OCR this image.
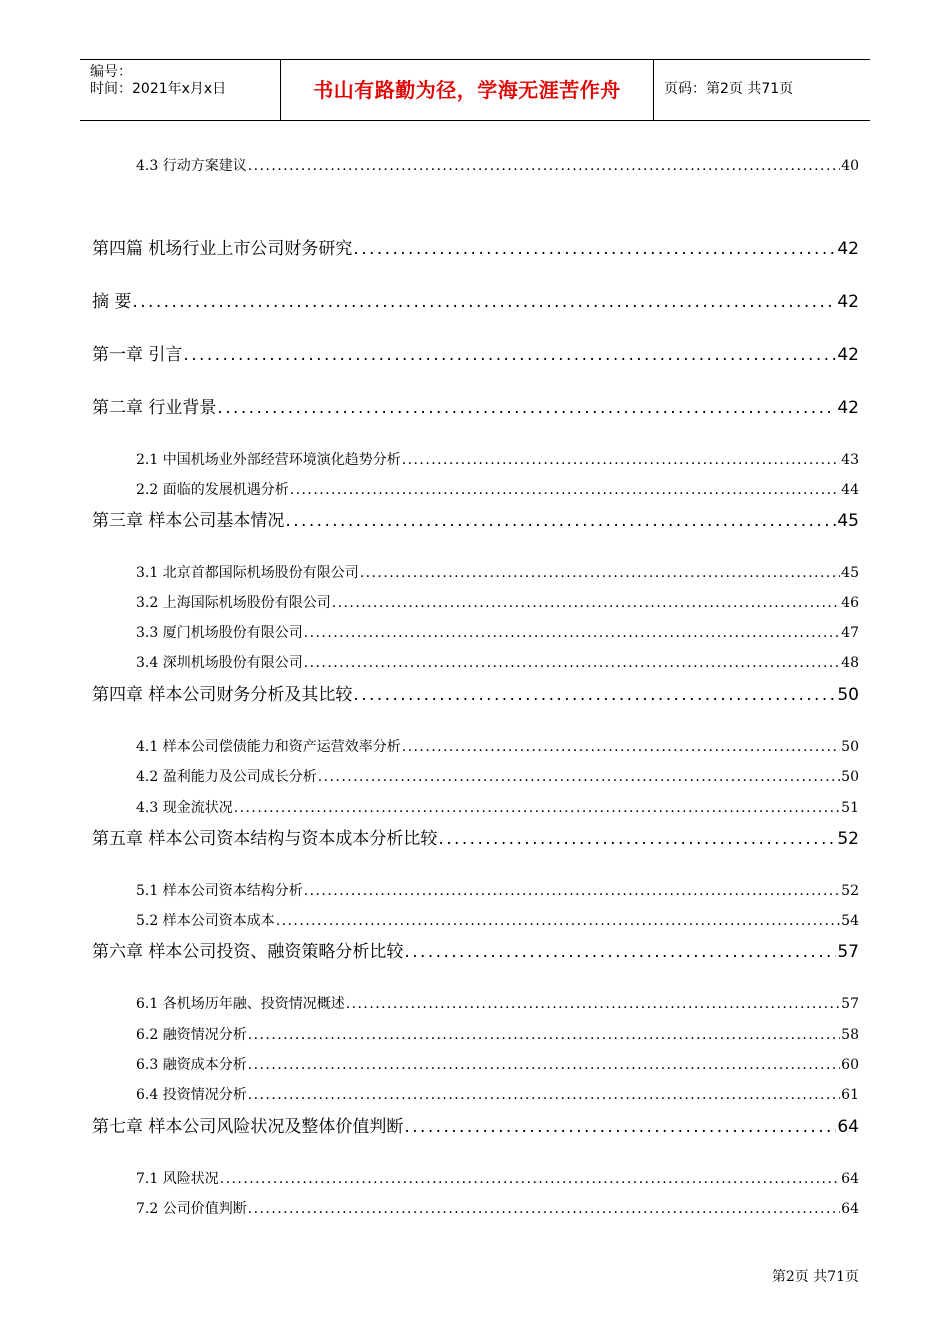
编号：
时间：2021年x月x日	书山有路勤为径，学海无涯苦作舟	页码：第2页 共71页
4.3 行动方案建议 . . .	40
第四篇 机场行业上市公司财务研究 . . .	42
摘 要 . . .	42
第一章 引言 . . .	42
第二章 行业背景 . . .	42
2.1 中国机场业外部经营环境演化趋势分析 . . .	43
2.2 面临的发展机遇分析 . . .	44
第三章 样本公司基本情况 . . .	45
3.1 北京首都国际机场股份有限公司 . . .	45
3.2 上海国际机场股份有限公司 . . .	46
3.3 厦门机场股份有限公司 . . .	47
3.4 深圳机场股份有限公司 . . .	48
第四章 样本公司财务分析及其比较 . . .	50
4.1 样本公司偿债能力和资产运营效率分析 . . .	50
4.2 盈利能力及公司成长分析 . . .	50
4.3 现金流状况 . . .	51
第五章 样本公司资本结构与资本成本分析比较 . . .	52
5.1 样本公司资本结构分析 . . .	52
5.2 样本公司资本成本 . . .	54
第六章 样本公司投资、融资策略分析比较 . . .	57
6.1 各机场历年融、投资情况概述 . . .	57
6.2 融资情况分析 . . .	58
6.3 融资成本分析 . . .	60
6.4 投资情况分析 . . .	61
第七章 样本公司风险状况及整体价值判断 . . .	64
7.1 风险状况 . . .	64
7.2 公司价值判断 . . .	64
第2页 共71页
